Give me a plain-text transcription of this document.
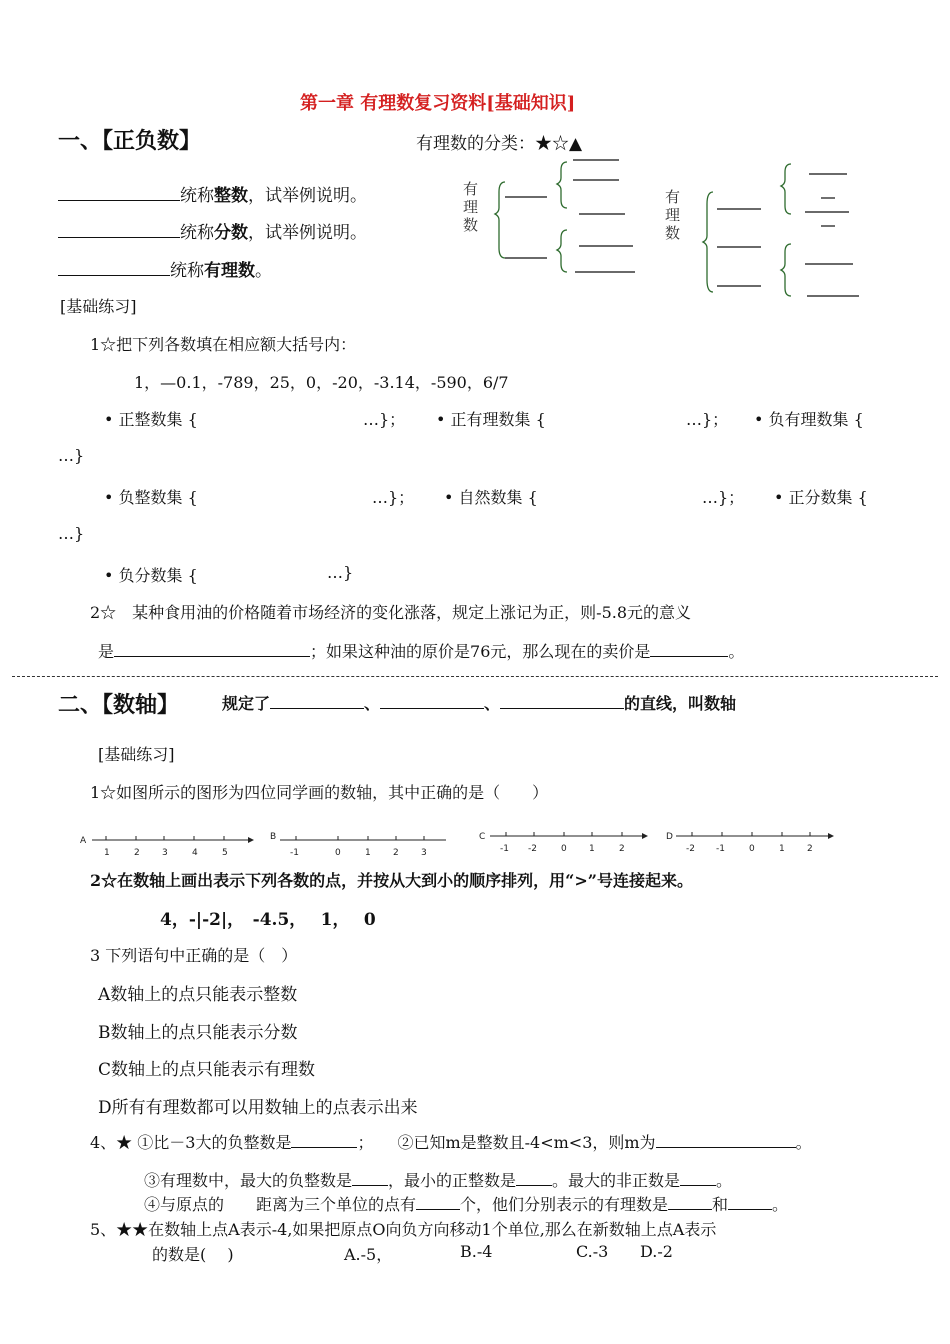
第一章 有理数复习资料[基础知识]
一、【正负数】	有理数的分类：★☆▲
统称整数，试举例说明。
统称分数，试举例说明。
统称有理数。
有
理
数
有
理
数
[基础练习]
1☆把下列各数填在相应额大括号内：
1，—0.1，-789，25，0，-20，-3.14，-590，6/7
• 正整数集 {	…}； • 正有理数集 {	…}； • 负有理数集 {
…}
• 负整数集 {	…}； • 自然数集 {	…}； • 正分数集 {
…}
• 负分数集 {	…}
2☆　某种食用油的价格随着市场经济的变化涨落，规定上涨记为正，则-5.8元的意义
是	；如果这种油的原价是76元，那么现在的卖价是	。
二、【数轴】	规定了	、	、	的直线，叫数轴
[基础练习]
1☆如图所示的图形为四位同学画的数轴，其中正确的是（　　）
A
1	2 3	4	5
B
-1	0	1 2 3
C
-1 -2	0 1	2
D
-2 -1	0	1 2
2☆在数轴上画出表示下列各数的点，并按从大到小的顺序排列，用“>”号连接起来。
4，-|-2|，　-4.5，　 1，　 0
3 下列语句中正确的是（　）
A数轴上的点只能表示整数
B数轴上的点只能表示分数
C数轴上的点只能表示有理数
D所有有理数都可以用数轴上的点表示出来
4、★ ①比－3大的负整数是	；　　②已知m是整数且-4<m<3，则m为	。
③有理数中，最大的负整数是 ，最小的正整数是 。最大的非正数是 。
④与原点的　　距离为三个单位的点有	个，他们分别表示的有理数是	和	。
5、★★在数轴上点A表示-4,如果把原点O向负方向移动1个单位,那么在新数轴上点A表示
的数是(　 )	A.-5，	B.-4	C.-3 D.-2
